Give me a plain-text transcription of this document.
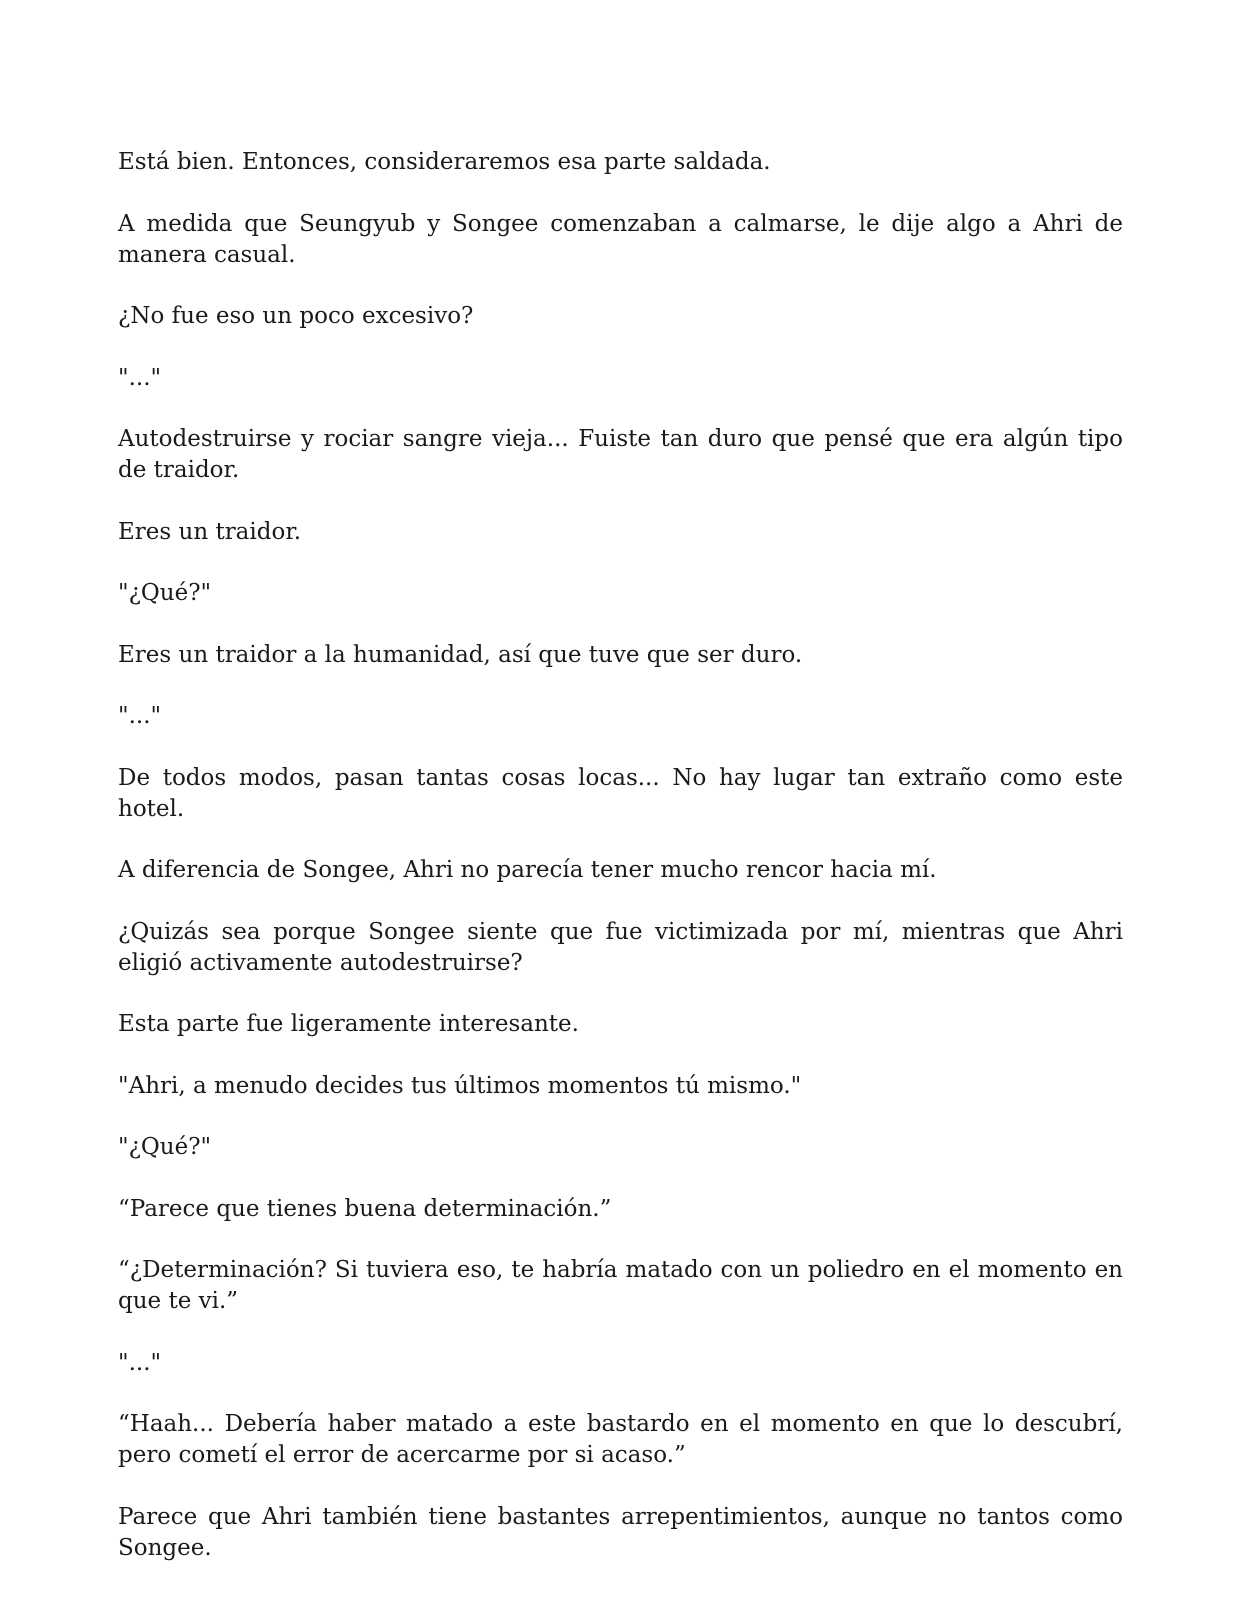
Está bien. Entonces, consideraremos esa parte saldada.

A medida que Seungyub y Songee comenzaban a calmarse, le dije algo a Ahri de manera casual.

¿No fue eso un poco excesivo?

"..."

Autodestruirse y rociar sangre vieja... Fuiste tan duro que pensé que era algún tipo de traidor.

Eres un traidor.

"¿Qué?"

Eres un traidor a la humanidad, así que tuve que ser duro.

"..."

De todos modos, pasan tantas cosas locas... No hay lugar tan extraño como este hotel.

A diferencia de Songee, Ahri no parecía tener mucho rencor hacia mí.

¿Quizás sea porque Songee siente que fue victimizada por mí, mientras que Ahri eligió activamente autodestruirse?

Esta parte fue ligeramente interesante.

"Ahri, a menudo decides tus últimos momentos tú mismo."

"¿Qué?"

“Parece que tienes buena determinación.”

“¿Determinación? Si tuviera eso, te habría matado con un poliedro en el momento en que te vi.”

"..."

“Haah... Debería haber matado a este bastardo en el momento en que lo descubrí, pero cometí el error de acercarme por si acaso.”

Parece que Ahri también tiene bastantes arrepentimientos, aunque no tantos como Songee.
